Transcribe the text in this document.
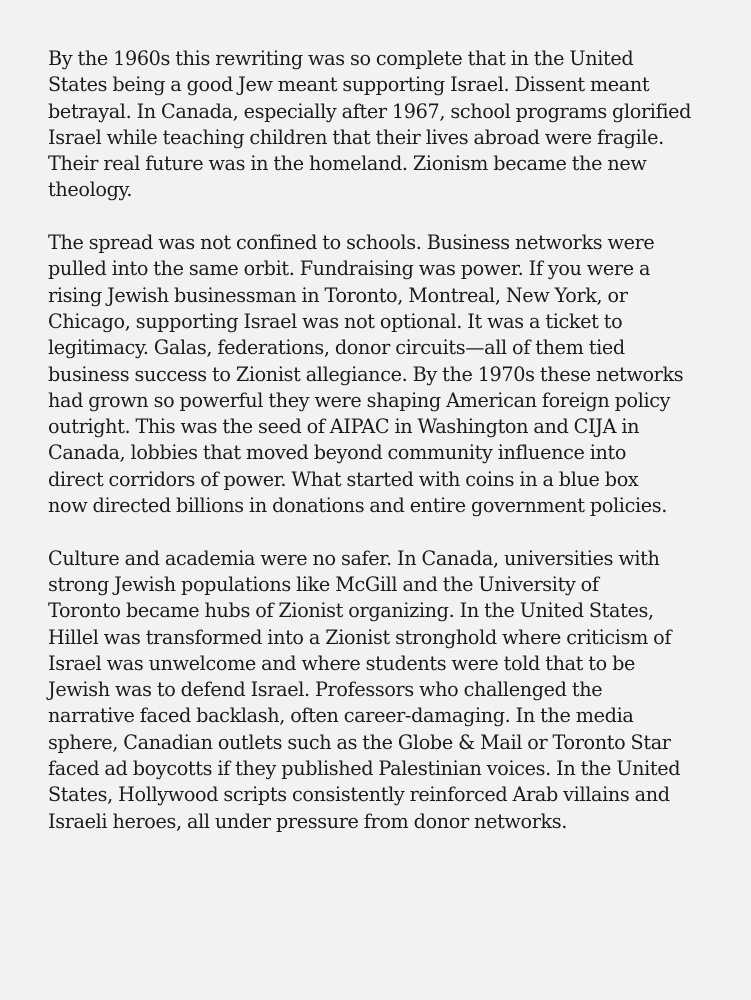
By the 1960s this rewriting was so complete that in the United
States being a good Jew meant supporting Israel. Dissent meant
betrayal. In Canada, especially after 1967, school programs glorified
Israel while teaching children that their lives abroad were fragile.
Their real future was in the homeland. Zionism became the new
theology.

The spread was not confined to schools. Business networks were
pulled into the same orbit. Fundraising was power. If you were a
rising Jewish businessman in Toronto, Montreal, New York, or
Chicago, supporting Israel was not optional. It was a ticket to
legitimacy. Galas, federations, donor circuits—all of them tied
business success to Zionist allegiance. By the 1970s these networks
had grown so powerful they were shaping American foreign policy
outright. This was the seed of AIPAC in Washington and CIJA in
Canada, lobbies that moved beyond community influence into
direct corridors of power. What started with coins in a blue box
now directed billions in donations and entire government policies.

Culture and academia were no safer. In Canada, universities with
strong Jewish populations like McGill and the University of
Toronto became hubs of Zionist organizing. In the United States,
Hillel was transformed into a Zionist stronghold where criticism of
Israel was unwelcome and where students were told that to be
Jewish was to defend Israel. Professors who challenged the
narrative faced backlash, often career-damaging. In the media
sphere, Canadian outlets such as the Globe & Mail or Toronto Star
faced ad boycotts if they published Palestinian voices. In the United
States, Hollywood scripts consistently reinforced Arab villains and
Israeli heroes, all under pressure from donor networks.
